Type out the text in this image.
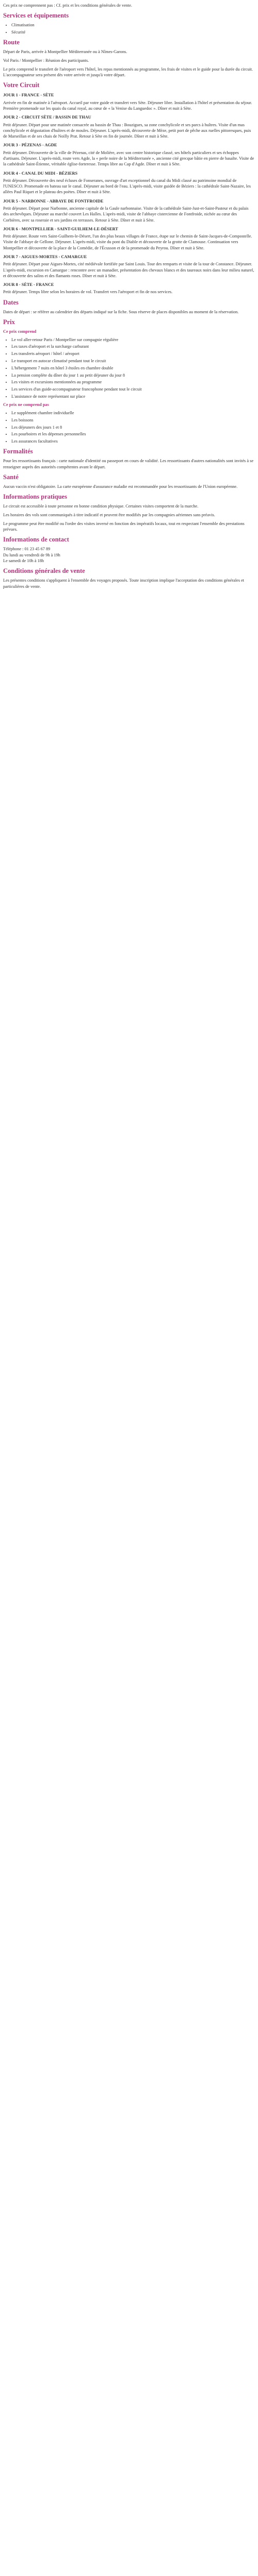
Ces prix ne comprennent pas : Cf. prix et les conditions générales de vente.

Services et équipements
• Climatisation
• Sécurité
Route

Départ de Paris, arrivée à Montpellier Méditerranée ou à Nîmes-Garons.

Vol Paris / Montpellier : Réunion des participants.

Le prix comprend le transfert de l'aéroport vers l'hôtel, les repas mentionnés au programme, les frais de visites et le guide pour la durée du circuit. L'accompagnateur sera présent dès votre arrivée et jusqu'à votre départ.

Votre Circuit
JOUR 1 - FRANCE - SÈTE

Arrivée en fin de matinée à l'aéroport. Accueil par votre guide et transfert vers Sète. Déjeuner libre. Installation à l'hôtel et présentation du séjour. Première promenade sur les quais du canal royal, au cœur de « la Venise du Languedoc ». Dîner et nuit à Sète.

JOUR 2 - CIRCUIT SÈTE / BASSIN DE THAU

Petit déjeuner. Départ pour une matinée consacrée au bassin de Thau : Bouzigues, sa zone conchylicole et ses parcs à huîtres. Visite d'un mas conchylicole et dégustation d'huîtres et de moules. Déjeuner. L'après-midi, découverte de Mèze, petit port de pêche aux ruelles pittoresques, puis de Marseillan et de ses chais de Noilly Prat. Retour à Sète en fin de journée. Dîner et nuit à Sète.

JOUR 3 - PÉZENAS - AGDE

Petit déjeuner. Découverte de la ville de Pézenas, cité de Molière, avec son centre historique classé, ses hôtels particuliers et ses échoppes d'artisans. Déjeuner. L'après-midi, route vers Agde, la « perle noire de la Méditerranée », ancienne cité grecque bâtie en pierre de basalte. Visite de la cathédrale Saint-Étienne, véritable église-forteresse. Temps libre au Cap d'Agde. Dîner et nuit à Sète.

JOUR 4 - CANAL DU MIDI - BÉZIERS

Petit déjeuner. Découverte des neuf écluses de Fonseranes, ouvrage d'art exceptionnel du canal du Midi classé au patrimoine mondial de l'UNESCO. Promenade en bateau sur le canal. Déjeuner au bord de l'eau. L'après-midi, visite guidée de Béziers : la cathédrale Saint-Nazaire, les allées Paul Riquet et le plateau des poètes. Dîner et nuit à Sète.

JOUR 5 - NARBONNE - ABBAYE DE FONTFROIDE

Petit déjeuner. Départ pour Narbonne, ancienne capitale de la Gaule narbonnaise. Visite de la cathédrale Saint-Just-et-Saint-Pasteur et du palais des archevêques. Déjeuner au marché couvert Les Halles. L'après-midi, visite de l'abbaye cistercienne de Fontfroide, nichée au cœur des Corbières, avec sa roseraie et ses jardins en terrasses. Retour à Sète. Dîner et nuit à Sète.

JOUR 6 - MONTPELLIER - SAINT-GUILHEM-LE-DÉSERT

Petit déjeuner. Route vers Saint-Guilhem-le-Désert, l'un des plus beaux villages de France, étape sur le chemin de Saint-Jacques-de-Compostelle. Visite de l'abbaye de Gellone. Déjeuner. L'après-midi, visite du pont du Diable et découverte de la grotte de Clamouse. Continuation vers Montpellier et découverte de la place de la Comédie, de l'Écusson et de la promenade du Peyrou. Dîner et nuit à Sète.

JOUR 7 - AIGUES-MORTES - CAMARGUE

Petit déjeuner. Départ pour Aigues-Mortes, cité médiévale fortifiée par Saint Louis. Tour des remparts et visite de la tour de Constance. Déjeuner. L'après-midi, excursion en Camargue : rencontre avec un manadier, présentation des chevaux blancs et des taureaux noirs dans leur milieu naturel, et découverte des salins et des flamants roses. Dîner et nuit à Sète.

JOUR 8 - SÈTE - FRANCE

Petit déjeuner. Temps libre selon les horaires de vol. Transfert vers l'aéroport et fin de nos services.

Dates

Dates de départ : se référer au calendrier des départs indiqué sur la fiche. Sous réserve de places disponibles au moment de la réservation.

Prix
Ce prix comprend
• Le vol aller-retour Paris / Montpellier sur compagnie régulière
• Les taxes d'aéroport et la surcharge carburant
• Les transferts aéroport / hôtel / aéroport
• Le transport en autocar climatisé pendant tout le circuit
• L'hébergement 7 nuits en hôtel 3 étoiles en chambre double
• La pension complète du dîner du jour 1 au petit déjeuner du jour 8
• Les visites et excursions mentionnées au programme
• Les services d'un guide-accompagnateur francophone pendant tout le circuit
• L'assistance de notre représentant sur place
Ce prix ne comprend pas
• Le supplément chambre individuelle
• Les boissons
• Les déjeuners des jours 1 et 8
• Les pourboires et les dépenses personnelles
• Les assurances facultatives
Formalités

Pour les ressortissants français : carte nationale d'identité ou passeport en cours de validité. Les ressortissants d'autres nationalités sont invités à se renseigner auprès des autorités compétentes avant le départ.

Santé

Aucun vaccin n'est obligatoire. La carte européenne d'assurance maladie est recommandée pour les ressortissants de l'Union européenne.

Informations pratiques

Le circuit est accessible à toute personne en bonne condition physique. Certaines visites comportent de la marche.

Les horaires des vols sont communiqués à titre indicatif et peuvent être modifiés par les compagnies aériennes sans préavis.

Le programme peut être modifié ou l'ordre des visites inversé en fonction des impératifs locaux, tout en respectant l'ensemble des prestations prévues.

Informations de contact

Téléphone : 01 23 45 67 89

Du lundi au vendredi de 9h à 19h

Le samedi de 10h à 18h

Conditions générales de vente

Les présentes conditions s'appliquent à l'ensemble des voyages proposés. Toute inscription implique l'acceptation des conditions générales et particulières de vente.
